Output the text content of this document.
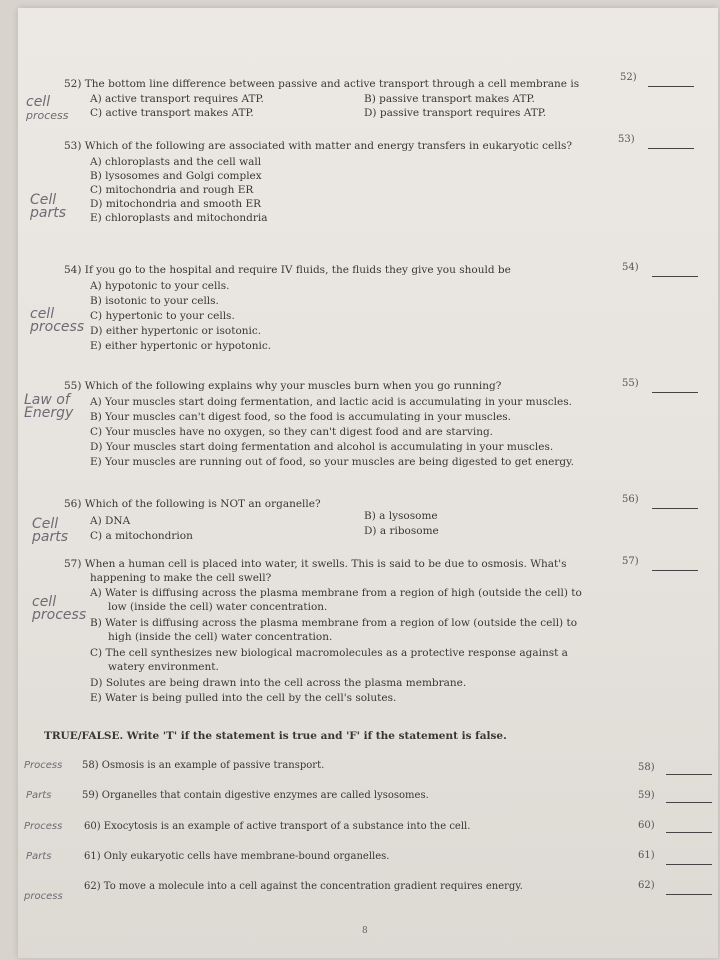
cell
process
Cell
parts
cell
process
Law of
Energy
Cell
parts
cell
process
52) The bottom line difference between passive and active transport through a cell membrane is
A) active transport requires ATP.	B) passive transport makes ATP.
C) active transport makes ATP.	D) passive transport requires ATP.
53) Which of the following are associated with matter and energy transfers in eukaryotic cells?
A) chloroplasts and the cell wall
B) lysosomes and Golgi complex
C) mitochondria and rough ER
D) mitochondria and smooth ER
E) chloroplasts and mitochondria
54) If you go to the hospital and require IV fluids, the fluids they give you should be
A) hypotonic to your cells.
B) isotonic to your cells.
C) hypertonic to your cells.
D) either hypertonic or isotonic.
E) either hypertonic or hypotonic.
55) Which of the following explains why your muscles burn when you go running?
A) Your muscles start doing fermentation, and lactic acid is accumulating in your muscles.
B) Your muscles can't digest food, so the food is accumulating in your muscles.
C) Your muscles have no oxygen, so they can't digest food and are starving.
D) Your muscles start doing fermentation and alcohol is accumulating in your muscles.
E) Your muscles are running out of food, so your muscles are being digested to get energy.
56) Which of the following is NOT an organelle?
A) DNA	B) a lysosome
C) a mitochondrion	D) a ribosome
57) When a human cell is placed into water, it swells. This is said to be due to osmosis. What's
happening to make the cell swell?
A) Water is diffusing across the plasma membrane from a region of high (outside the cell) to
low (inside the cell) water concentration.
B) Water is diffusing across the plasma membrane from a region of low (outside the cell) to
high (inside the cell) water concentration.
C) The cell synthesizes new biological macromolecules as a protective response against a
watery environment.
D) Solutes are being drawn into the cell across the plasma membrane.
E) Water is being pulled into the cell by the cell's solutes.
TRUE/FALSE. Write 'T' if the statement is true and 'F' if the statement is false.
Process 58) Osmosis is an example of passive transport.
Parts	59) Organelles that contain digestive enzymes are called lysosomes.
Process 60) Exocytosis is an example of active transport of a substance into the cell.
Parts	61) Only eukaryotic cells have membrane-bound organelles.
process
62) To move a molecule into a cell against the concentration gradient requires energy.
52)
53)
54)
55)
56)
57)
58)
59)
60)
61)
62)
8
